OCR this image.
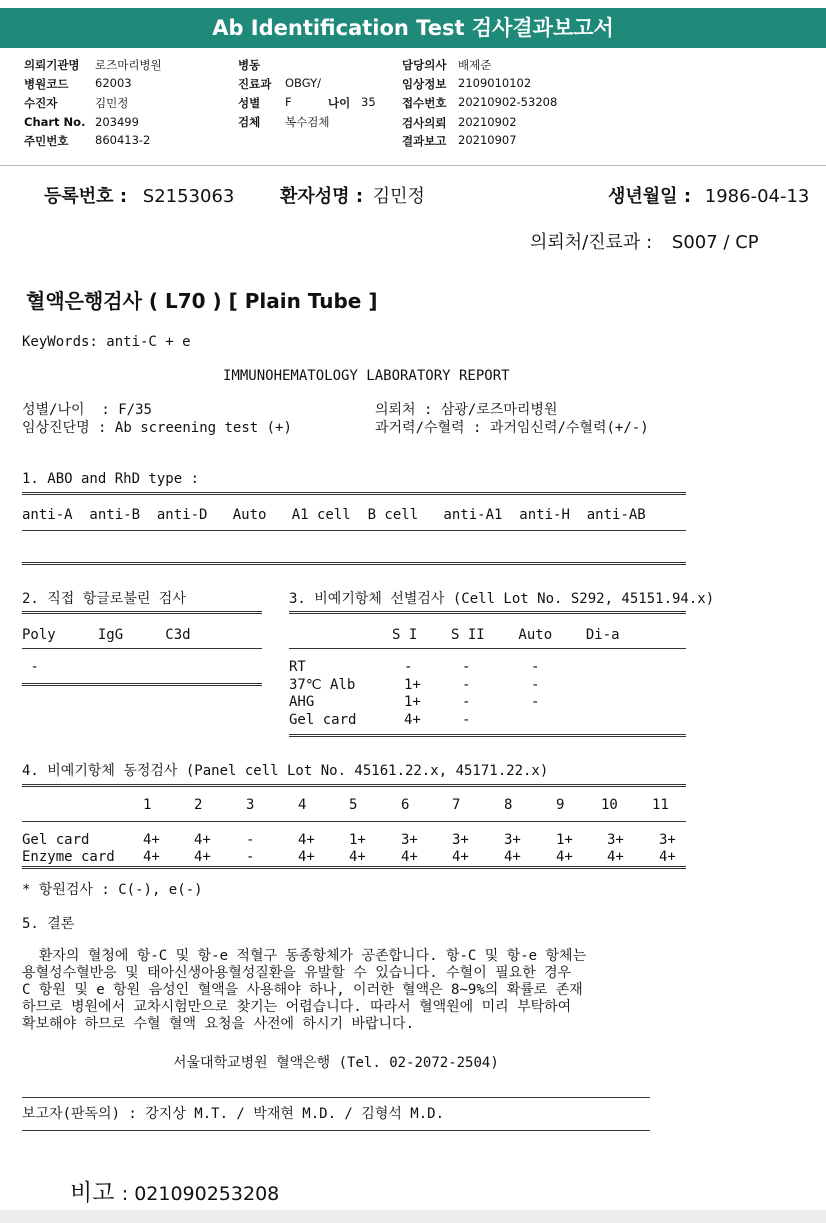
Ab Identification Test 검사결과보고서
의뢰기관명 로즈마리병원
병원코드 62003
수진자	김민정
Chart No. 203499
주민번호 860413-2
병동
진료과 OBGY/
성별 F	나이 35
검체 복수검체
담당의사 배제준
임상정보 2109010102
접수번호 20210902-53208
검사의뢰 20210902
결과보고 20210907
등록번호 : S2153063	환자성명 : 김민정	생년월일 : 1986-04-13
의뢰처/진료과 : S007 / CP
혈액은행검사 ( L70 ) [ Plain Tube ]
KeyWords: anti-C + e
IMMUNOHEMATOLOGY LABORATORY REPORT
성별/나이  : F/35	의뢰처 : 삼광/로즈마리병원
임상진단명 : Ab screening test (+)	과거력/수혈력 : 과거임신력/수혈력(+/-)
1. ABO and RhD type :
anti-A  anti-B  anti-D   Auto   A1 cell  B cell   anti-A1  anti-H  anti-AB
2. 직접 항글로불린 검사
Poly     IgG     C3d
-
3. 비예기항체 선별검사 (Cell Lot No. S292, 45151.94.x)
S I    S II    Auto    Di-a
RT	-	-	-
37℃ Alb	1+	-	-
AHG	1+	-	-
Gel card	4+	-
4. 비예기항체 동정검사 (Panel cell Lot No. 45161.22.x, 45171.22.x)
1	2	3	4	5	6	7	8	9	10 11
Gel card	4+ 4+	-	4+ 1+	3+ 3+	3+	1+ 3+	3+
Enzyme card 4+ 4+	-	4+ 4+	4+ 4+	4+	4+ 4+	4+
* 항원검사 : C(-), e(-)
5. 결론
환자의 혈청에 항-C 및 항-e 적혈구 동종항체가 공존합니다. 항-C 및 항-e 항체는
용혈성수혈반응 및 태아신생아용혈성질환을 유발할 수 있습니다. 수혈이 필요한 경우
C 항원 및 e 항원 음성인 혈액을 사용해야 하나, 이러한 혈액은 8~9%의 확률로 존재
하므로 병원에서 교차시험만으로 찾기는 어렵습니다. 따라서 혈액원에 미리 부탁하여
확보해야 하므로 수혈 혈액 요청을 사전에 하시기 바랍니다.
서울대학교병원 혈액은행 (Tel. 02-2072-2504)
보고자(판독의) : 강지상 M.T. / 박재현 M.D. / 김형석 M.D.
비고 : 021090253208
